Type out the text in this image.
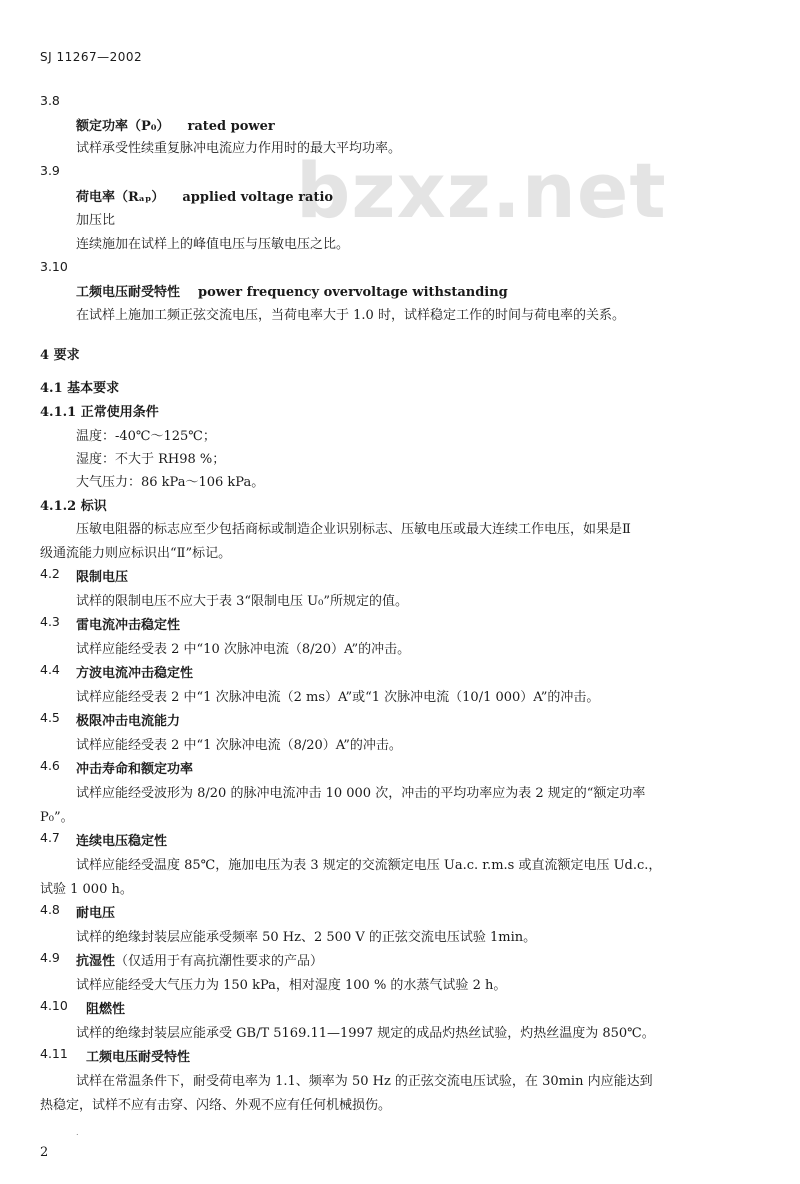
SJ 11267—2002
bzxz.net
3.8
额定功率（P₀） rated power
试样承受性续重复脉冲电流应力作用时的最大平均功率。
3.9
荷电率（Rₐₚ） applied voltage ratio
加压比
连续施加在试样上的峰值电压与压敏电压之比。
3.10
工频电压耐受特性 power frequency overvoltage withstanding
在试样上施加工频正弦交流电压，当荷电率大于 1.0 时，试样稳定工作的时间与荷电率的关系。
4 要求
4.1 基本要求
4.1.1 正常使用条件
温度：-40℃～125℃；
湿度：不大于 RH98 %；
大气压力：86 kPa～106 kPa。
4.1.2 标识
压敏电阻器的标志应至少包括商标或制造企业识别标志、压敏电压或最大连续工作电压，如果是Ⅱ
级通流能力则应标识出“Ⅱ”标记。
4.2 限制电压
试样的限制电压不应大于表 3“限制电压 U₀”所规定的值。
4.3 雷电流冲击稳定性
试样应能经受表 2 中“10 次脉冲电流（8/20）A”的冲击。
4.4 方波电流冲击稳定性
试样应能经受表 2 中“1 次脉冲电流（2 ms）A”或“1 次脉冲电流（10/1 000）A”的冲击。
4.5 极限冲击电流能力
试样应能经受表 2 中“1 次脉冲电流（8/20）A”的冲击。
4.6 冲击寿命和额定功率
试样应能经受波形为 8/20 的脉冲电流冲击 10 000 次，冲击的平均功率应为表 2 规定的“额定功率
P₀”。
4.7 连续电压稳定性
试样应能经受温度 85℃，施加电压为表 3 规定的交流额定电压 Ua.c. r.m.s 或直流额定电压 Ud.c.，
试验 1 000 h。
4.8 耐电压
试样的绝缘封装层应能承受频率 50 Hz、2 500 V 的正弦交流电压试验 1min。
4.9 抗湿性（仅适用于有高抗潮性要求的产品）
试样应能经受大气压力为 150 kPa，相对湿度 100 % 的水蒸气试验 2 h。
4.10 阻燃性
试样的绝缘封装层应能承受 GB/T 5169.11—1997 规定的成品灼热丝试验，灼热丝温度为 850℃。
4.11 工频电压耐受特性
试样在常温条件下，耐受荷电率为 1.1、频率为 50 Hz 的正弦交流电压试验，在 30min 内应能达到
热稳定，试样不应有击穿、闪络、外观不应有任何机械损伤。
.
2
